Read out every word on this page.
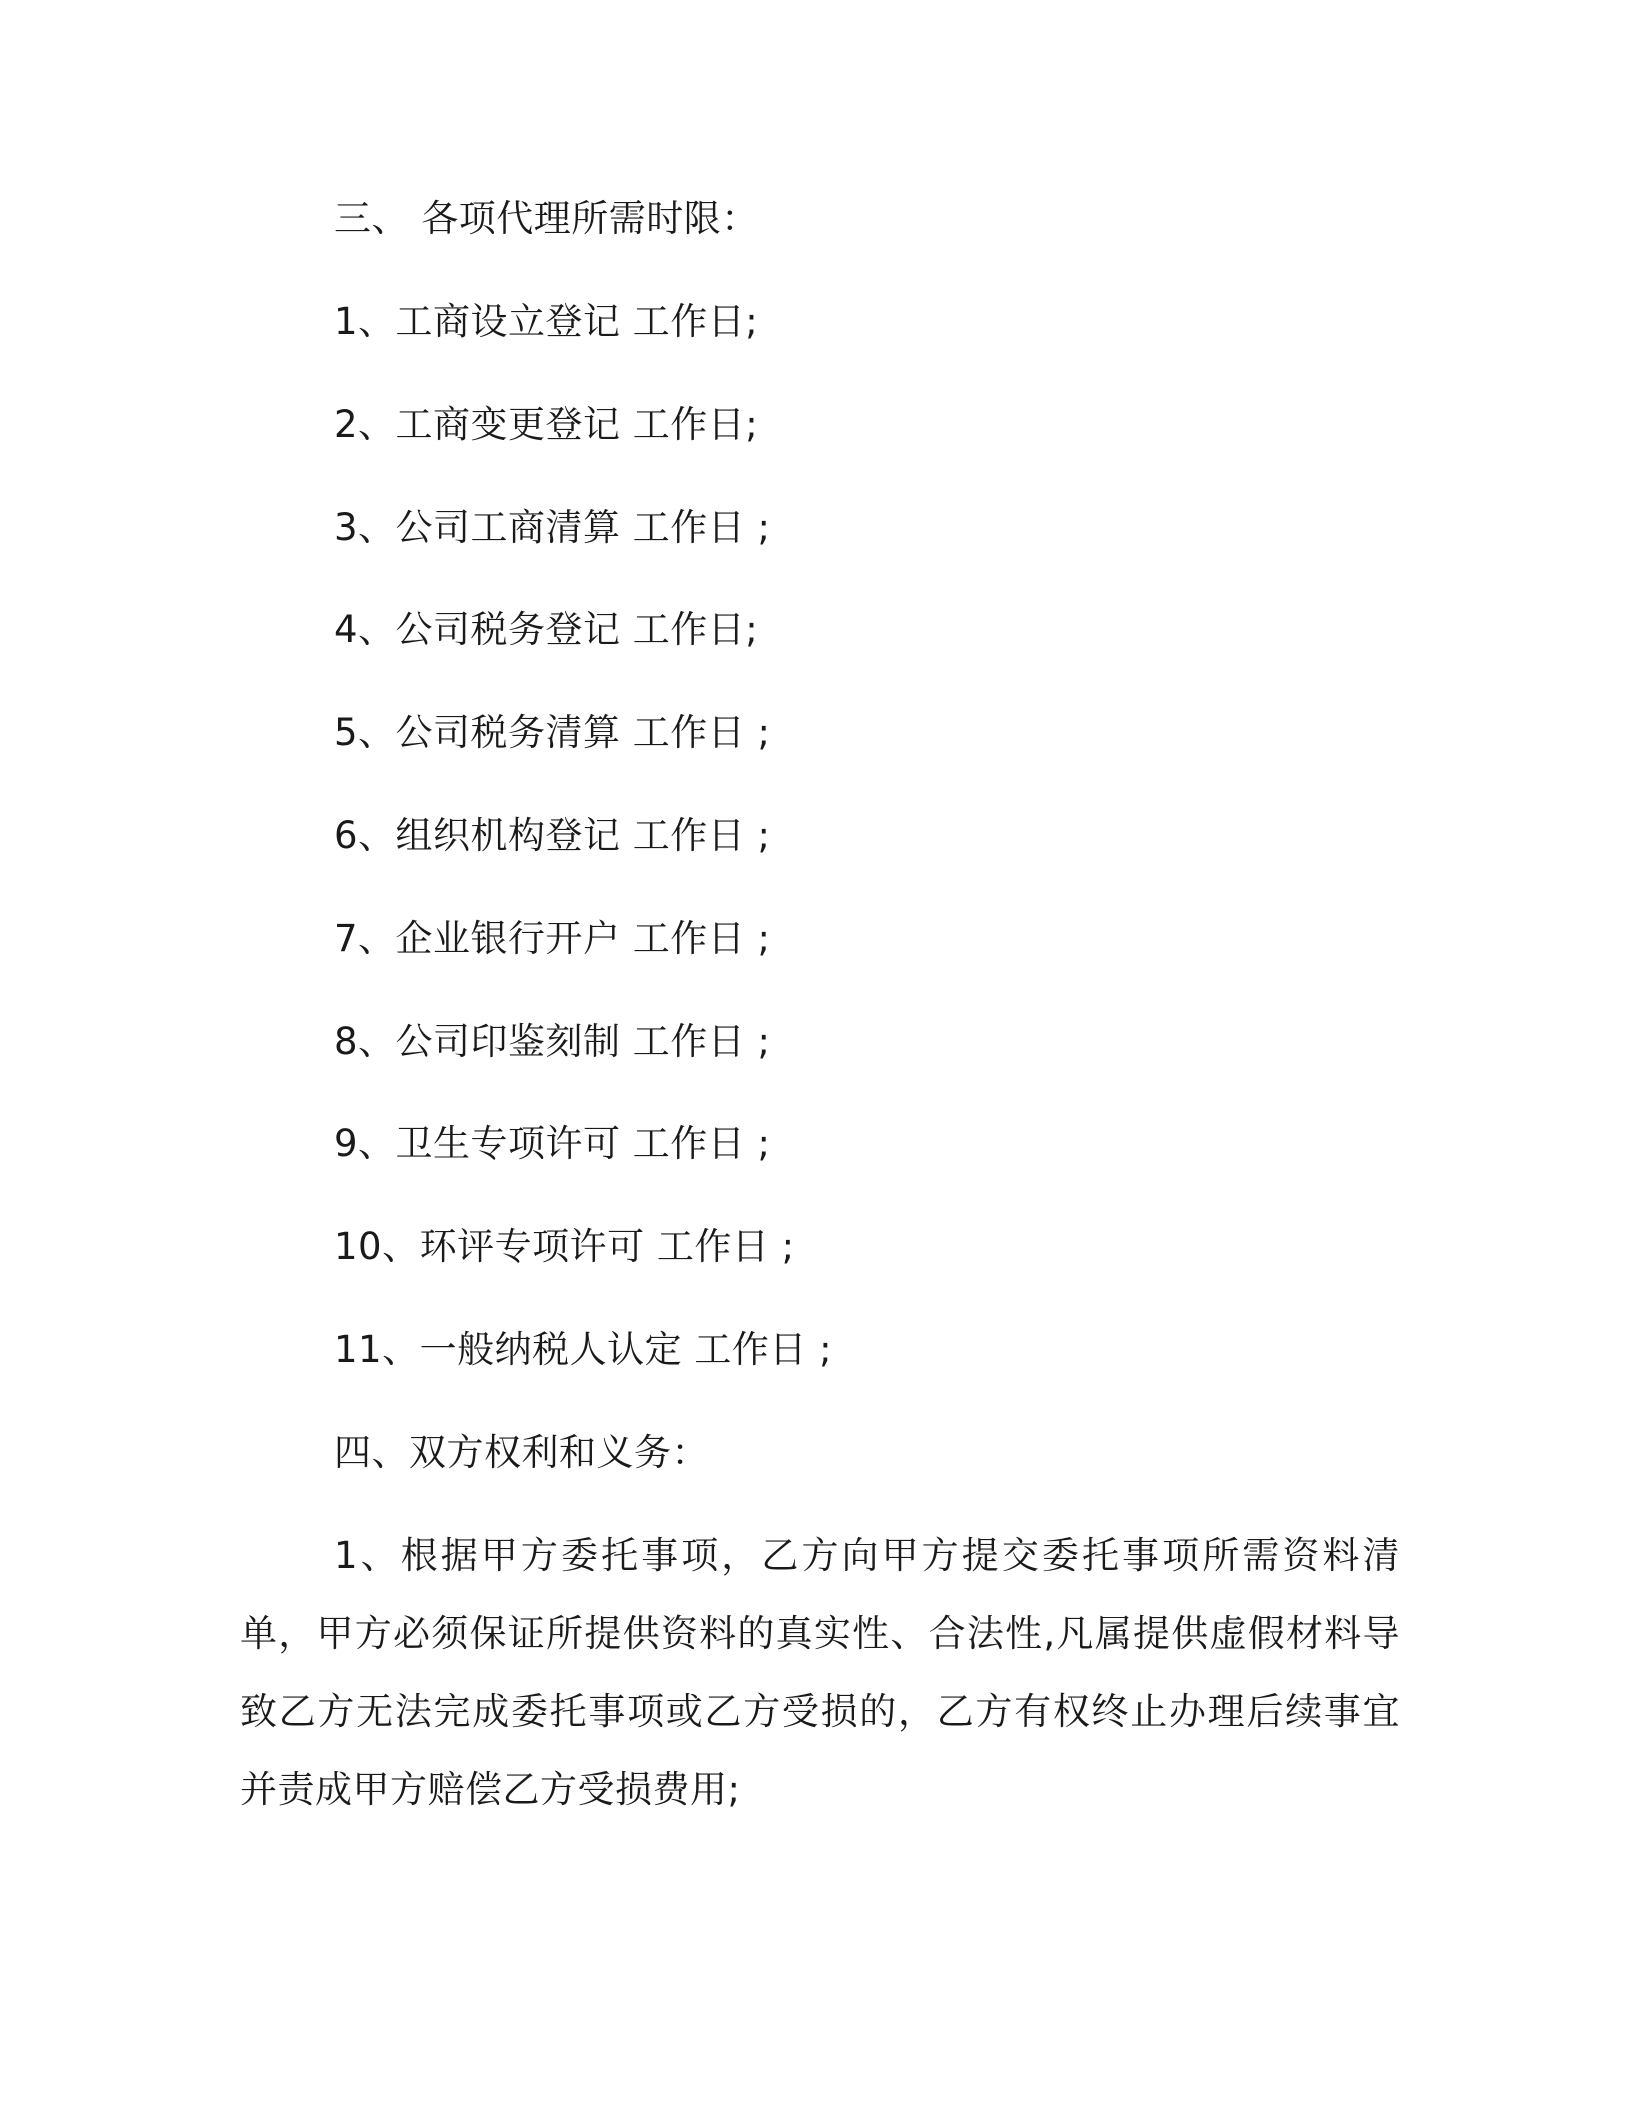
三、 各项代理所需时限：
1、工商设立登记 工作日;
2、工商变更登记 工作日;
3、公司工商清算 工作日 ;
4、公司税务登记 工作日;
5、公司税务清算 工作日 ;
6、组织机构登记 工作日 ;
7、企业银行开户 工作日 ;
8、公司印鉴刻制 工作日 ;
9、卫生专项许可 工作日 ;
10、环评专项许可 工作日 ;
11、一般纳税人认定 工作日 ;
四、双方权利和义务：
1、根据甲方委托事项，乙方向甲方提交委托事项所需资料清单，甲方必须保证所提供资料的真实性、合法性,凡属提供虚假材料导致乙方无法完成委托事项或乙方受损的，乙方有权终止办理后续事宜并责成甲方赔偿乙方受损费用;
